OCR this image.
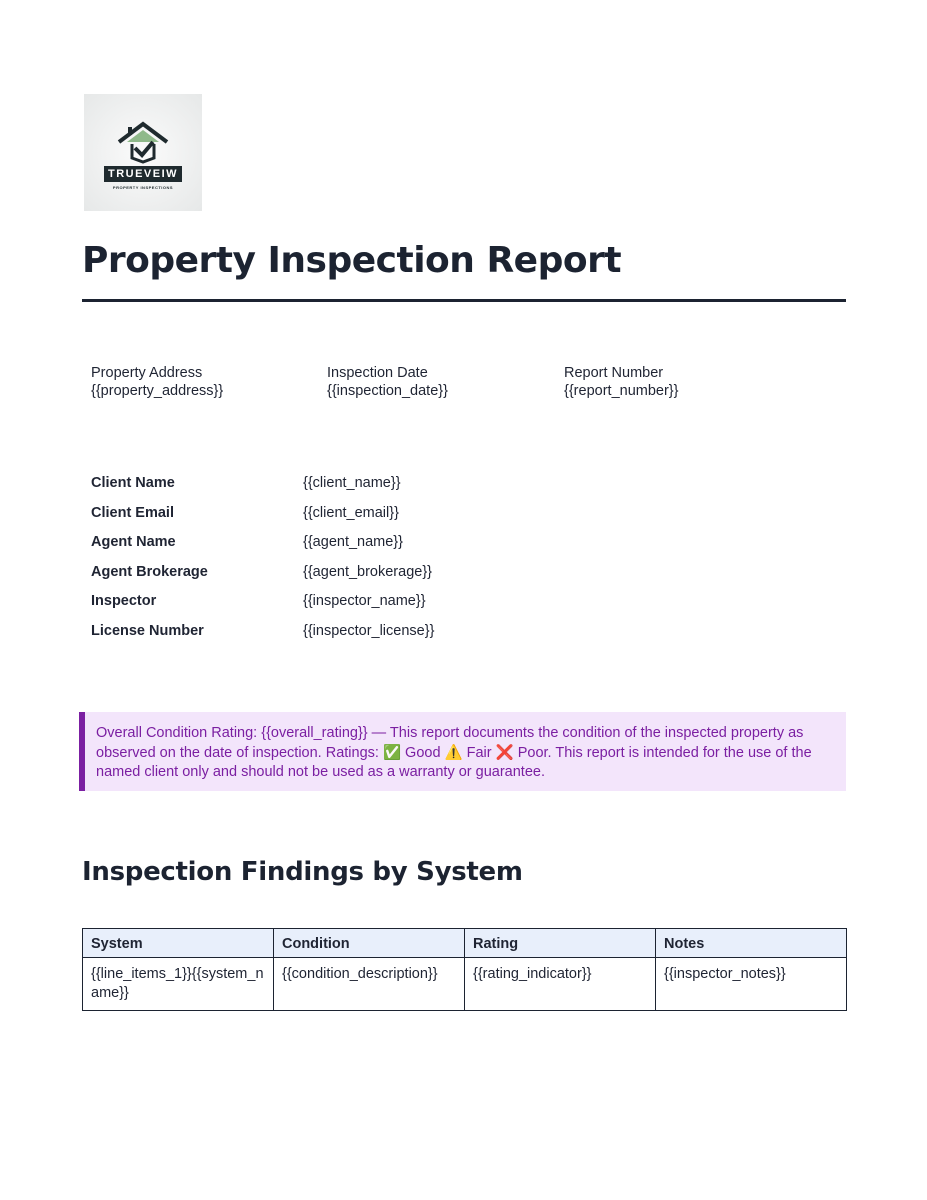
TRUEVEIW
PROPERTY INSPECTIONS
Property Inspection Report
Property Address
{{property_address}}
Inspection Date
{{inspection_date}}
Report Number
{{report_number}}
Client Name	{{client_name}}
Client Email	{{client_email}}
Agent Name	{{agent_name}}
Agent Brokerage	{{agent_brokerage}}
Inspector	{{inspector_name}}
License Number	{{inspector_license}}
Overall Condition Rating: {{overall_rating}} — This report documents the condition of the inspected property as observed on the date of inspection. Ratings: ✅ Good ⚠️ Fair ❌ Poor. This report is intended for the use of the named client only and should not be used as a warranty or guarantee.
Inspection Findings by System
System	Condition	Rating	Notes
{{line_items_1}}{{system_name}}	{{condition_description}}	{{rating_indicator}}	{{inspector_notes}}
